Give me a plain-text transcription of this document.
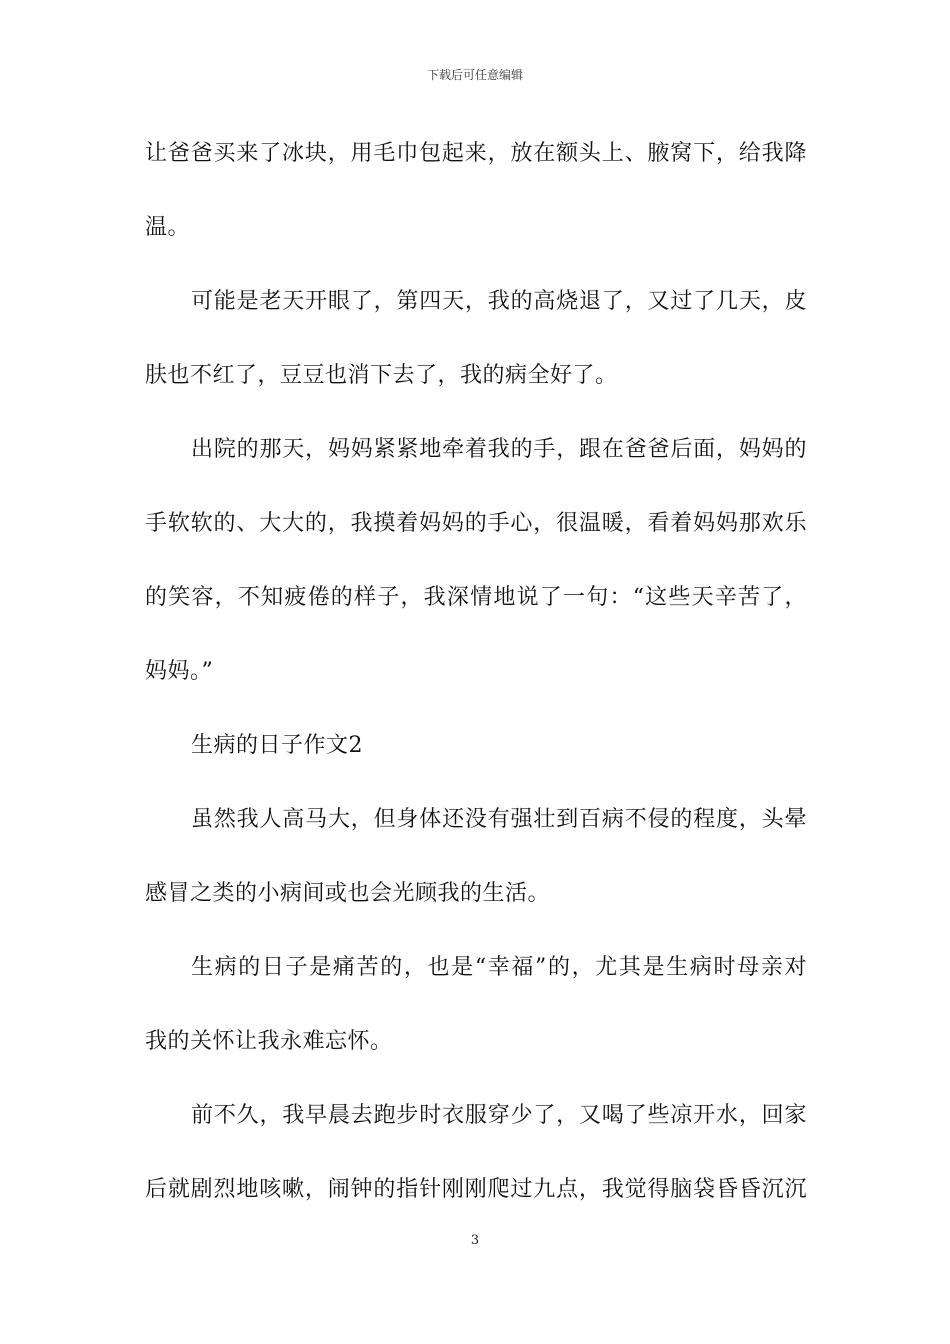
下载后可任意编辑
让爸爸买来了冰块，用毛巾包起来，放在额头上、腋窝下，给我降
温。
可能是老天开眼了，第四天，我的高烧退了，又过了几天，皮
肤也不红了，豆豆也消下去了，我的病全好了。
出院的那天，妈妈紧紧地牵着我的手，跟在爸爸后面，妈妈的
手软软的、大大的，我摸着妈妈的手心，很温暖，看着妈妈那欢乐
的笑容，不知疲倦的样子，我深情地说了一句：“这些天辛苦了，
妈妈。”
生病的日子作文2
虽然我人高马大，但身体还没有强壮到百病不侵的程度，头晕
感冒之类的小病间或也会光顾我的生活。
生病的日子是痛苦的，也是“幸福”的，尤其是生病时母亲对
我的关怀让我永难忘怀。
前不久，我早晨去跑步时衣服穿少了，又喝了些凉开水，回家
后就剧烈地咳嗽，闹钟的指针刚刚爬过九点，我觉得脑袋昏昏沉沉
3
